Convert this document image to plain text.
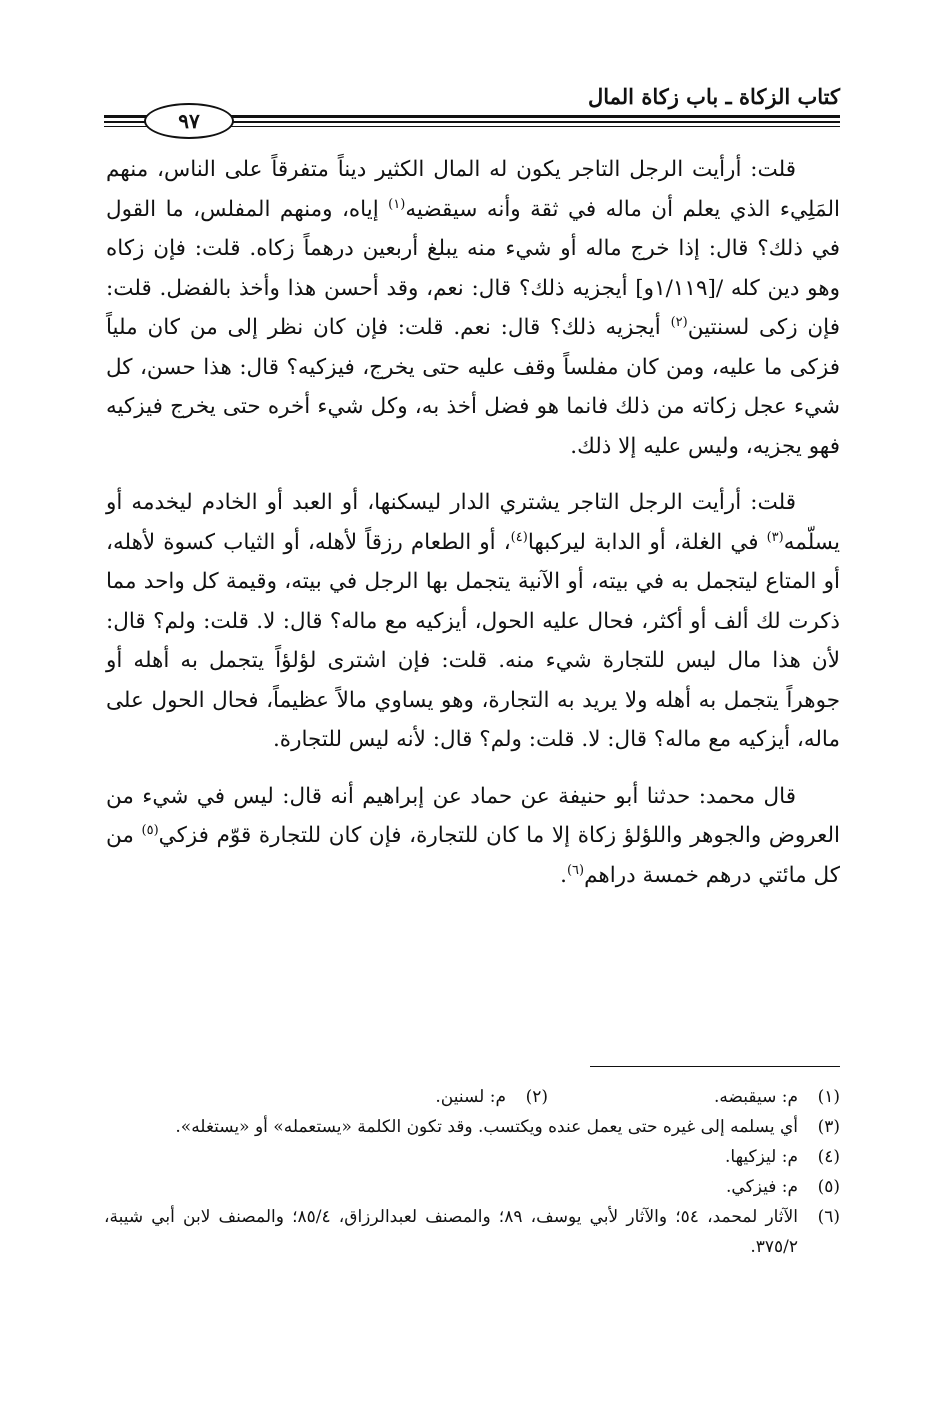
كتاب الزكاة ـ باب زكاة المال
٩٧

قلت: أرأيت الرجل التاجر يكون له المال الكثير ديناً متفرقاً على الناس، منهم المَلِيء الذي يعلم أن ماله في ثقة وأنه سيقضيه$^{(١)}$ إياه، ومنهم المفلس، ما القول في ذلك؟ قال: إذا خرج ماله أو شيء منه يبلغ أربعين درهماً زكاه. قلت: فإن زكاه وهو دين كله /[١/١١٩و] أيجزيه ذلك؟ قال: نعم، وقد أحسن هذا وأخذ بالفضل. قلت: فإن زكى لسنتين$^{(٢)}$ أيجزيه ذلك؟ قال: نعم. قلت: فإن كان نظر إلى من كان ملياً فزكى ما عليه، ومن كان مفلساً وقف عليه حتى يخرج، فيزكيه؟ قال: هذا حسن، كل شيء عجل زكاته من ذلك فانما هو فضل أخذ به، وكل شيء أخره حتى يخرج فيزكيه فهو يجزيه، وليس عليه إلا ذلك.

قلت: أرأيت الرجل التاجر يشتري الدار ليسكنها، أو العبد أو الخادم ليخدمه أو يسلّمه$^{(٣)}$ في الغلة، أو الدابة ليركبها$^{(٤)}$، أو الطعام رزقاً لأهله، أو الثياب كسوة لأهله، أو المتاع ليتجمل به في بيته، أو الآنية يتجمل بها الرجل في بيته، وقيمة كل واحد مما ذكرت لك ألف أو أكثر، فحال عليه الحول، أيزكيه مع ماله؟ قال: لا. قلت: ولم؟ قال: لأن هذا مال ليس للتجارة شيء منه. قلت: فإن اشترى لؤلؤاً يتجمل به أهله أو جوهراً يتجمل به أهله ولا يريد به التجارة، وهو يساوي مالاً عظيماً، فحال الحول على ماله، أيزكيه مع ماله؟ قال: لا. قلت: ولم؟ قال: لأنه ليس للتجارة.

قال محمد: حدثنا أبو حنيفة عن حماد عن إبراهيم أنه قال: ليس في شيء من العروض والجوهر واللؤلؤ زكاة إلا ما كان للتجارة، فإن كان للتجارة قوّم فزكي$^{(٥)}$ من كل مائتي درهم خمسة دراهم$^{(٦)}$.

(١)
م: سيقبضه.

(٢)
م: لسنين.

(٣)
أي يسلمه إلى غيره حتى يعمل عنده ويكتسب. وقد تكون الكلمة «يستعمله» أو «يستغله».

(٤)
م: ليزكيها.

(٥)
م: فيزكي.

(٦)
الآثار لمحمد، ٥٤؛ والآثار لأبي يوسف، ٨٩؛ والمصنف لعبدالرزاق، ٨٥/٤؛ والمصنف لابن أبي شيبة، ٣٧٥/٢.
